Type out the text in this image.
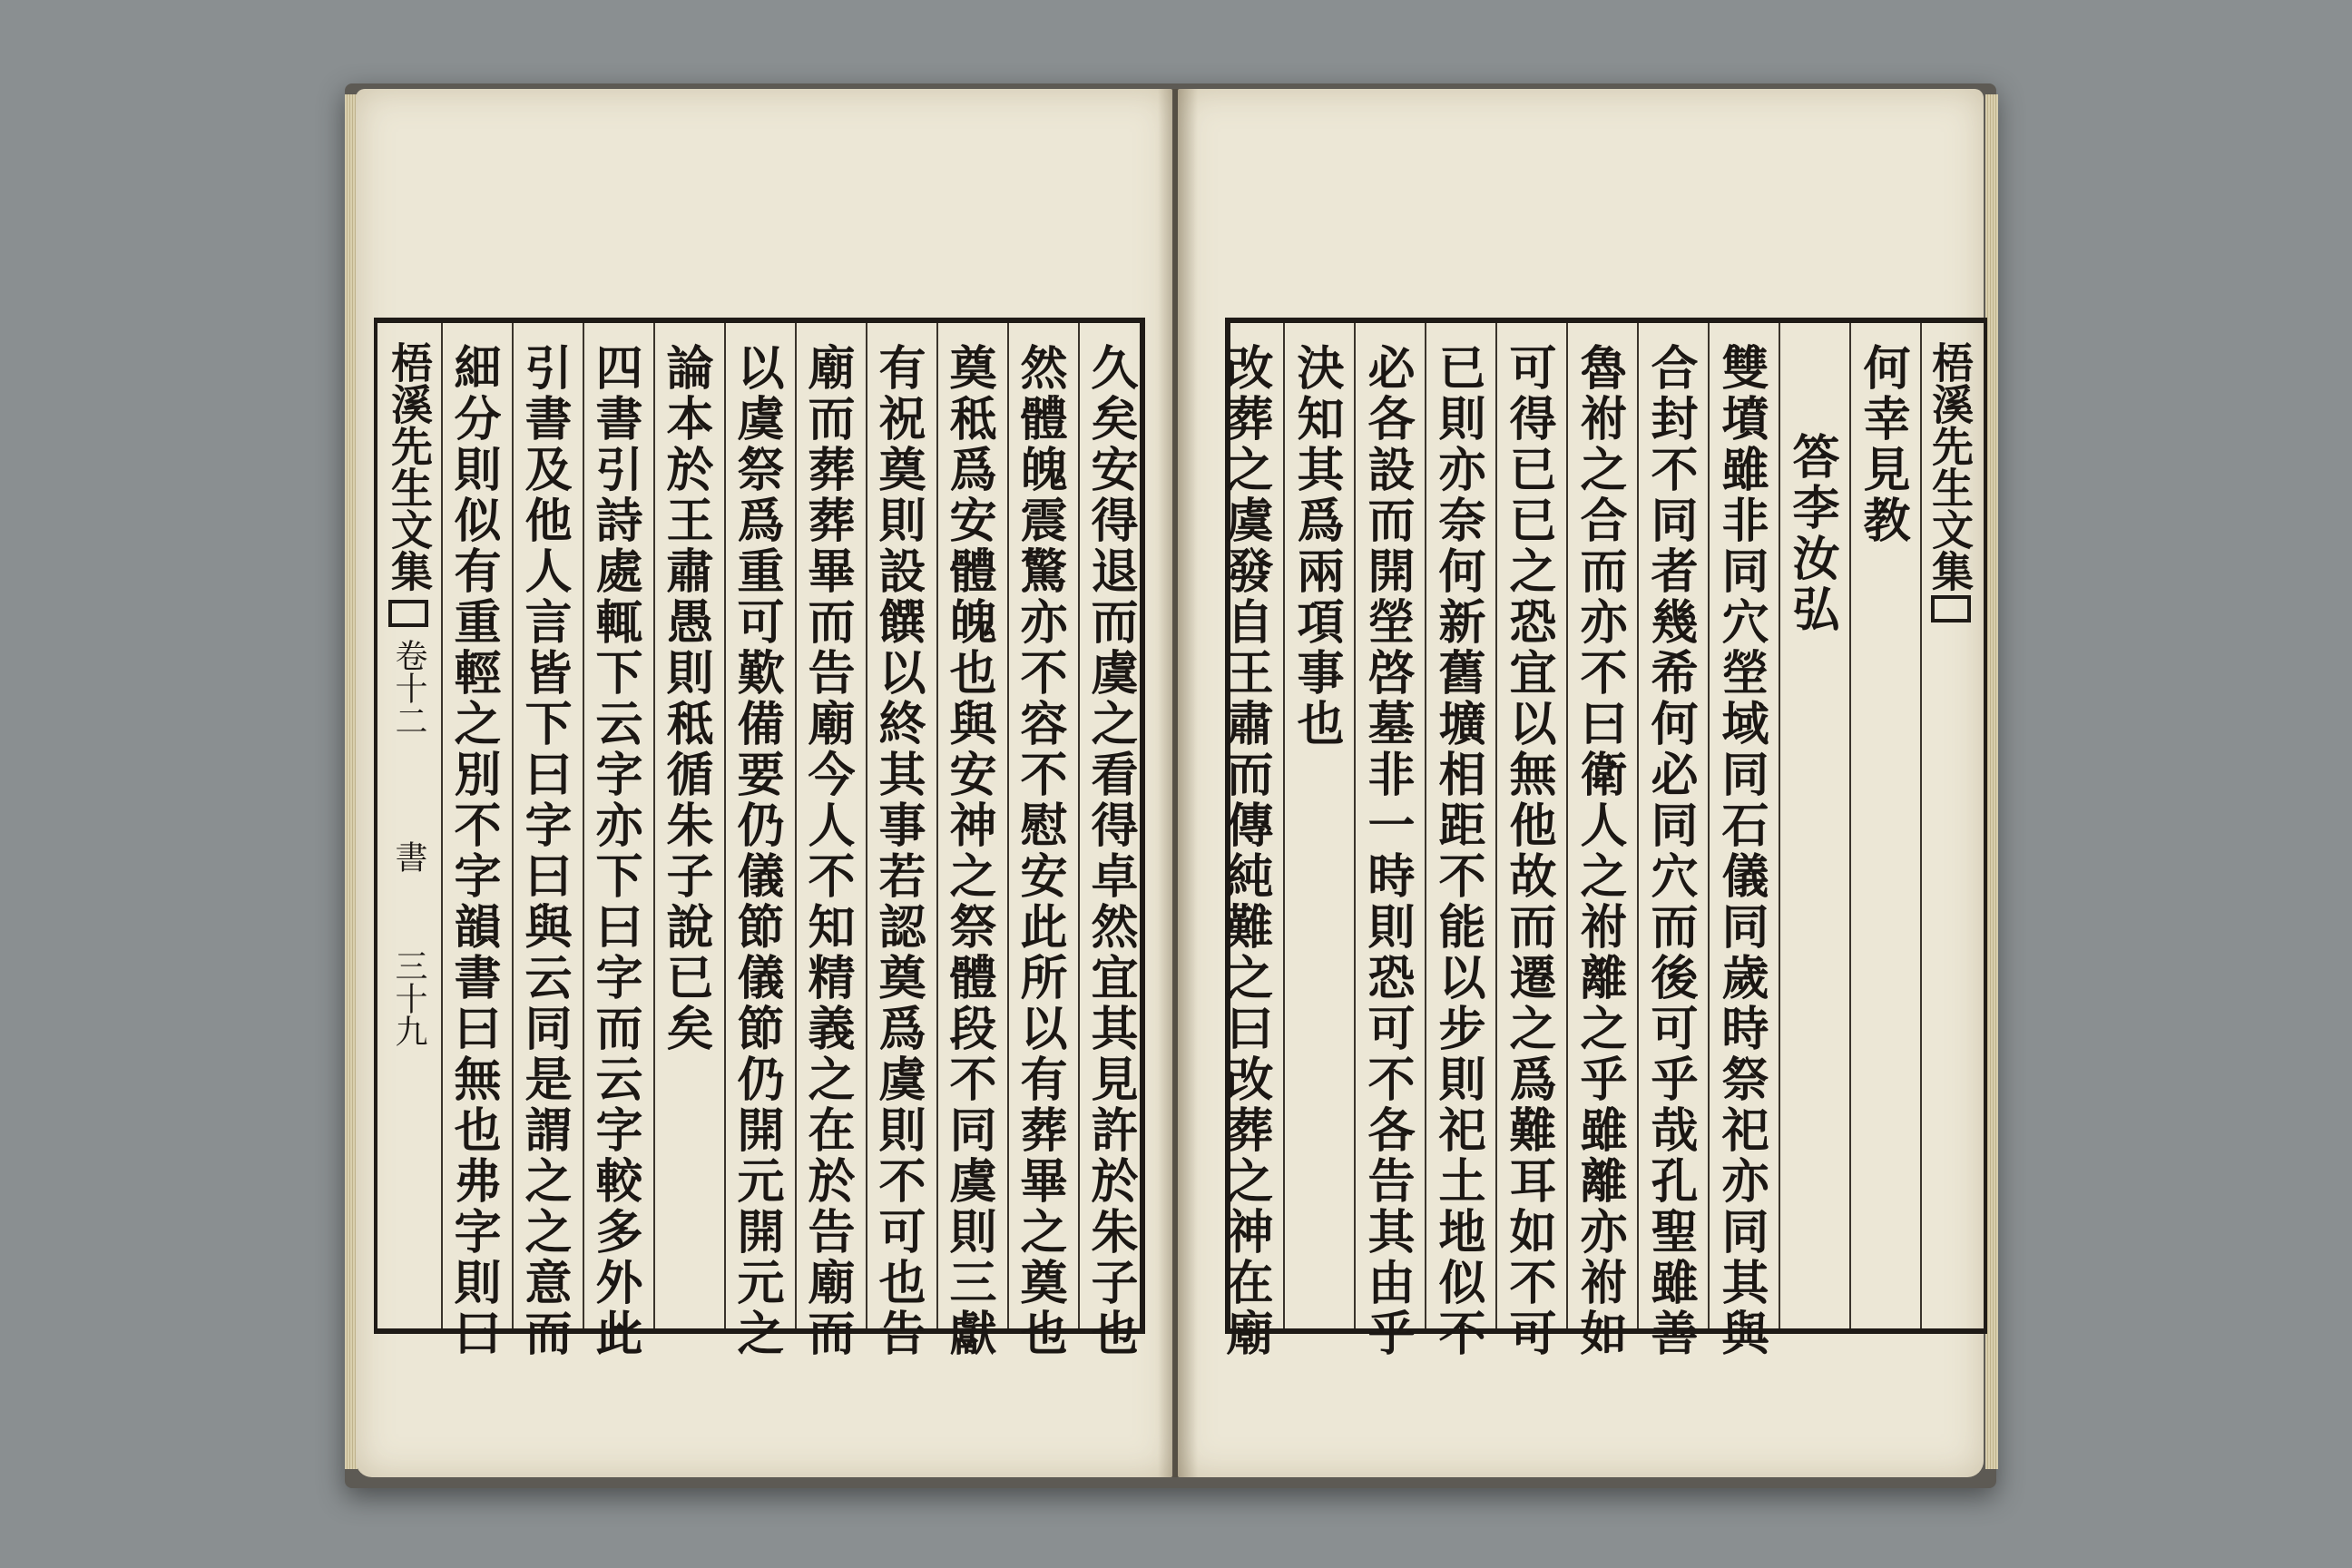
梧溪先生文集
卷十二
書
三十九	久矣安得退而虞之看得卓然宜其見許於朱子也
然體魄震驚亦不容不慰安此所以有葬畢之奠也
奠秪爲安體魄也與安神之祭體段不同虞則三獻
有祝奠則設饌以終其事若認奠爲虞則不可也告
廟而葬葬畢而告廟今人不知精義之在於告廟而
以虞祭爲重可歎備要仍儀節儀節仍開元開元之
論本於王肅愚則秪循朱子說已矣
四書引詩處輒下云字亦下曰字而云字較多外此
引書及他人言皆下曰字曰與云同是謂之之意而
細分則似有重輕之別不字韻書曰無也弗字則曰	梧溪先生文集
何幸見教
答李汝弘
雙墳雖非同穴塋域同石儀同歲時祭祀亦同其與
合封不同者幾希何必同穴而後可乎哉孔聖雖善
魯祔之合而亦不曰衛人之祔離之乎雖離亦祔如
可得已已之恐宜以無他故而遷之爲難耳如不可
已則亦奈何新舊壙相距不能以步則祀土地似不
必各設而開塋啓墓非一時則恐可不各告其由乎
決知其爲兩項事也
改葬之虞發自王肅而傳純難之曰改葬之神在廟
